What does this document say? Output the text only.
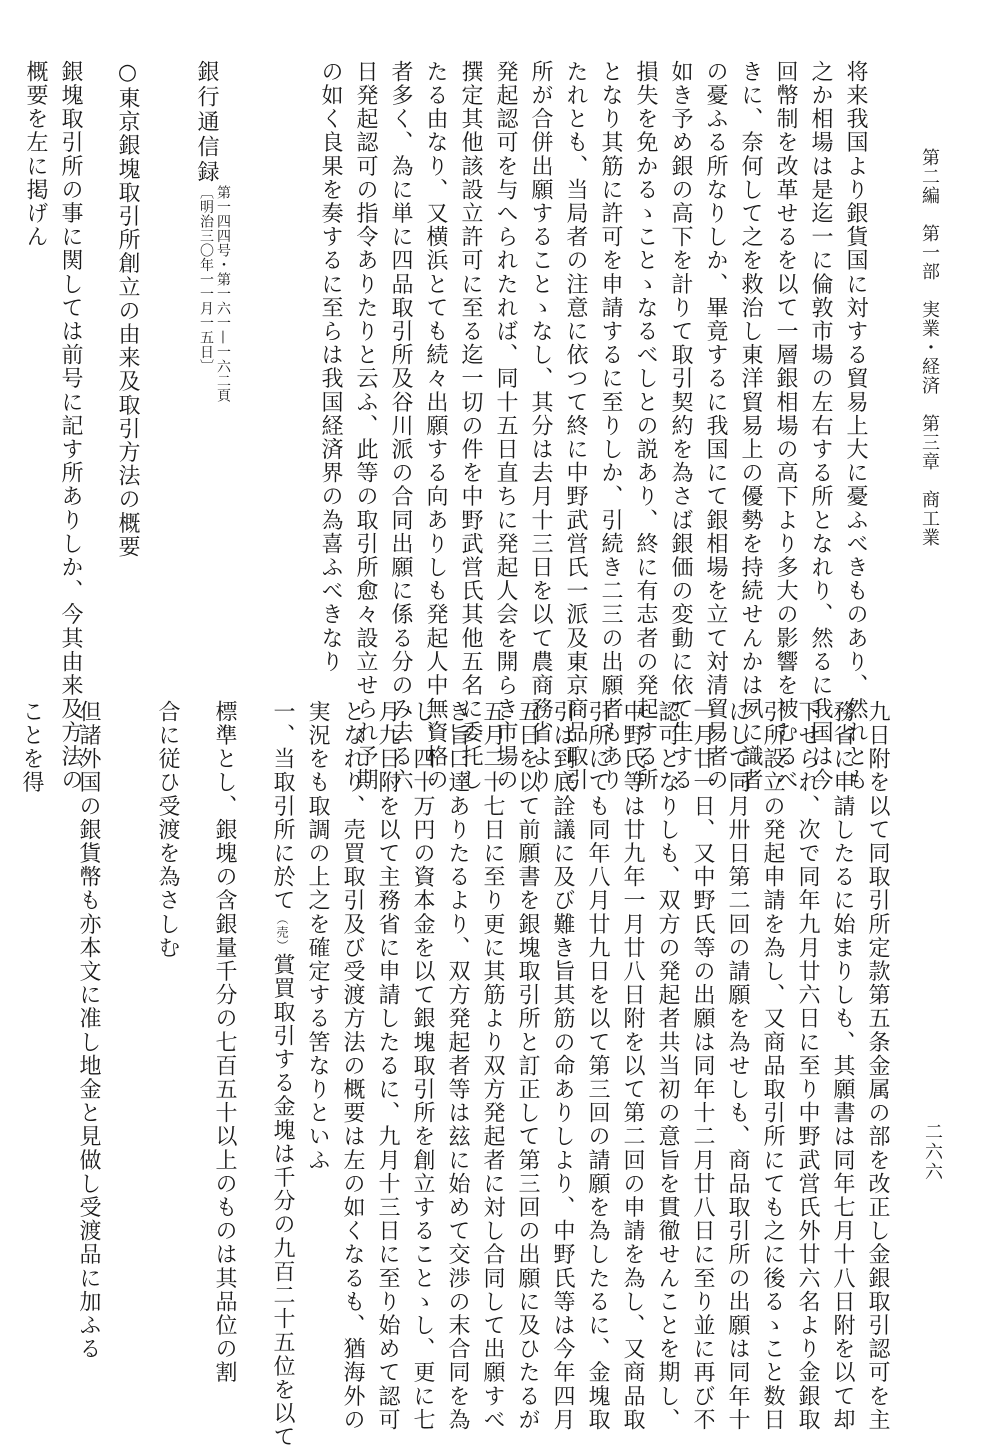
第二編　第一部　実業・経済　第三章　商工業
二六六

将来我国より銀貨国に対する貿易上大に憂ふべきものあり、然れとも

之か相場は是迄一に倫敦市場の左右する所となれり、然るに我国は今

回幣制を改革せるを以て一層銀相場の高下より多大の影響を被むるべ

きに、奈何して之を救治し東洋貿易上の優勢を持続せんかは夙に識者

の憂ふる所なりしか、畢竟するに我国にて銀相場を立て対清貿易者の

如き予め銀の高下を計りて取引契約を為さば銀価の変動に依て生する

損失を免かるゝことゝなるべしとの説あり、終に有志者の発起する所

となり其筋に許可を申請するに至りしか、引続き二三の出願者もあり

たれとも、当局者の注意に依つて終に中野武営氏一派及東京商品取引

所が合併出願することゝなし、其分は去月十三日を以て農商務省より

発起認可を与へられたれば、同十五日直ちに発起人会を開らき市場の

撰定其他該設立許可に至る迄一切の件を中野武営氏其他五名に委托し

たる由なり、又横浜とても続々出願する向ありしも発起人中無資格の

者多く、為に単に四品取引所及谷川派の合同出願に係る分のみ去る六

日発起認可の指令ありたりと云ふ、此等の取引所愈々設立せられ予期

の如く良果を奏するに至らは我国経済界の為喜ふべきなり

銀行通信録
第一四四号・第一六一—一六二頁
〔明治三〇年一一月一五日〕

○東京銀塊取引所創立の由来及取引方法の概要

銀塊取引所の事に関しては前号に記す所ありしか、今其由来及方法の

概要を左に掲げん

九日附を以て同取引所定款第五条金属の部を改正し金銀取引認可を主

務省に申請したるに始まりしも、其願書は同年七月十八日附を以て却

下せられ、次で同年九月廿六日に至り中野武営氏外廿六名より金銀取

引所設立の発起申請を為し、又商品取引所にても之に後るゝこと数日

にして同月卅日第二回の請願を為せしも、商品取引所の出願は同年十

一月廿一日、又中野氏等の出願は同年十二月廿八日に至り並に再び不

認可となりしも、双方の発起者共当初の意旨を貫徹せんことを期し、

中野氏等は廿九年一月廿八日附を以て第二回の申請を為し、又商品取

引所にても同年八月廿九日を以て第三回の請願を為したるに、金塊取

引は到底詮議に及び難き旨其筋の命ありしより、中野氏等は今年四月

五日を以て前願書を銀塊取引所と訂正して第三回の出願に及ひたるが

五月二十七日に至り更に其筋より双方発起者に対し合同して出願すべ

き旨口達ありたるより、双方発起者等は玆に始めて交渉の末合同を為

し、四十万円の資本金を以て銀塊取引所を創立することゝし、更に七

月九日附を以て主務省に申請したるに、九月十三日に至り始めて認可

となれり、売買取引及び受渡方法の概要は左の如くなるも、猶海外の

実況をも取調の上之を確定する筈なりといふ

一、当取引所に於て（売）賞買取引する金塊は千分の九百二十五位を以て

標準とし、銀塊の含銀量千分の七百五十以上のものは其品位の割

合に従ひ受渡を為さしむ

但諸外国の銀貨幣も亦本文に准し地金と見做し受渡品に加ふる

ことを得
